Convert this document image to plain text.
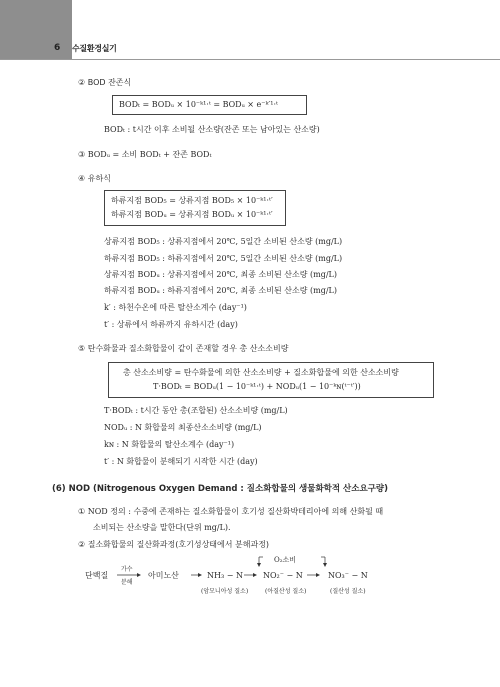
6 수질환경실기
② BOD 잔존식
BODₜ = BODᵤ × 10⁻ᵏ¹·ᵗ = BODᵤ × e⁻ᵏ′¹·ᵗ
BODₜ : t시간 이후 소비될 산소량(잔존 또는 남아있는 산소량)
③ BODᵤ = 소비 BODₜ + 잔존 BODₜ
④ 유하식
하류지점 BOD₅ = 상류지점 BOD₅ × 10⁻ᵏ¹·ᵗ′
하류지점 BODᵤ = 상류지점 BODᵤ × 10⁻ᵏ¹·ᵗ′
상류지점 BOD₅ : 상류지점에서 20℃, 5일간 소비된 산소량 (mg/L)
하류지점 BOD₅ : 하류지점에서 20℃, 5일간 소비된 산소량 (mg/L)
상류지점 BODᵤ : 상류지점에서 20℃, 최종 소비된 산소량 (mg/L)
하류지점 BODᵤ : 하류지점에서 20℃, 최종 소비된 산소량 (mg/L)
k′ : 하천수온에 따른 탈산소계수 (day⁻¹)
t′ : 상류에서 하류까지 유하시간 (day)
⑤ 탄수화물과 질소화합물이 같이 존재할 경우 총 산소소비량
총 산소소비량 = 탄수화물에 의한 산소소비량 + 질소화합물에 의한 산소소비량
T·BODₜ = BODᵤ(1 − 10⁻ᵏ¹·ᵗ) + NODᵤ(1 − 10⁻ᵏɴ(ᵗ⁻ᵗ′))
T·BODₜ : t시간 동안 총(조합된) 산소소비량 (mg/L)
NODᵤ : N 화합물의 최종산소소비량 (mg/L)
kɴ : N 화합물의 탈산소계수 (day⁻¹)
t′ : N 화합물이 분해되기 시작한 시간 (day)
(6) NOD (Nitrogenous Oxygen Demand : 질소화합물의 생물화학적 산소요구량)
① NOD 정의 : 수중에 존재하는 질소화합물이 호기성 질산화박테리아에 의해 산화될 때
소비되는 산소량을 말한다(단위 mg/L).
② 질소화합물의 질산화과정(호기성상태에서 분해과정)
O₂소비
단백질
가수
분해
아미노산	NH₃ − N	NO₂⁻ − N	NO₃⁻ − N
(암모니아성 질소)	(아질산성 질소)	(질산성 질소)
